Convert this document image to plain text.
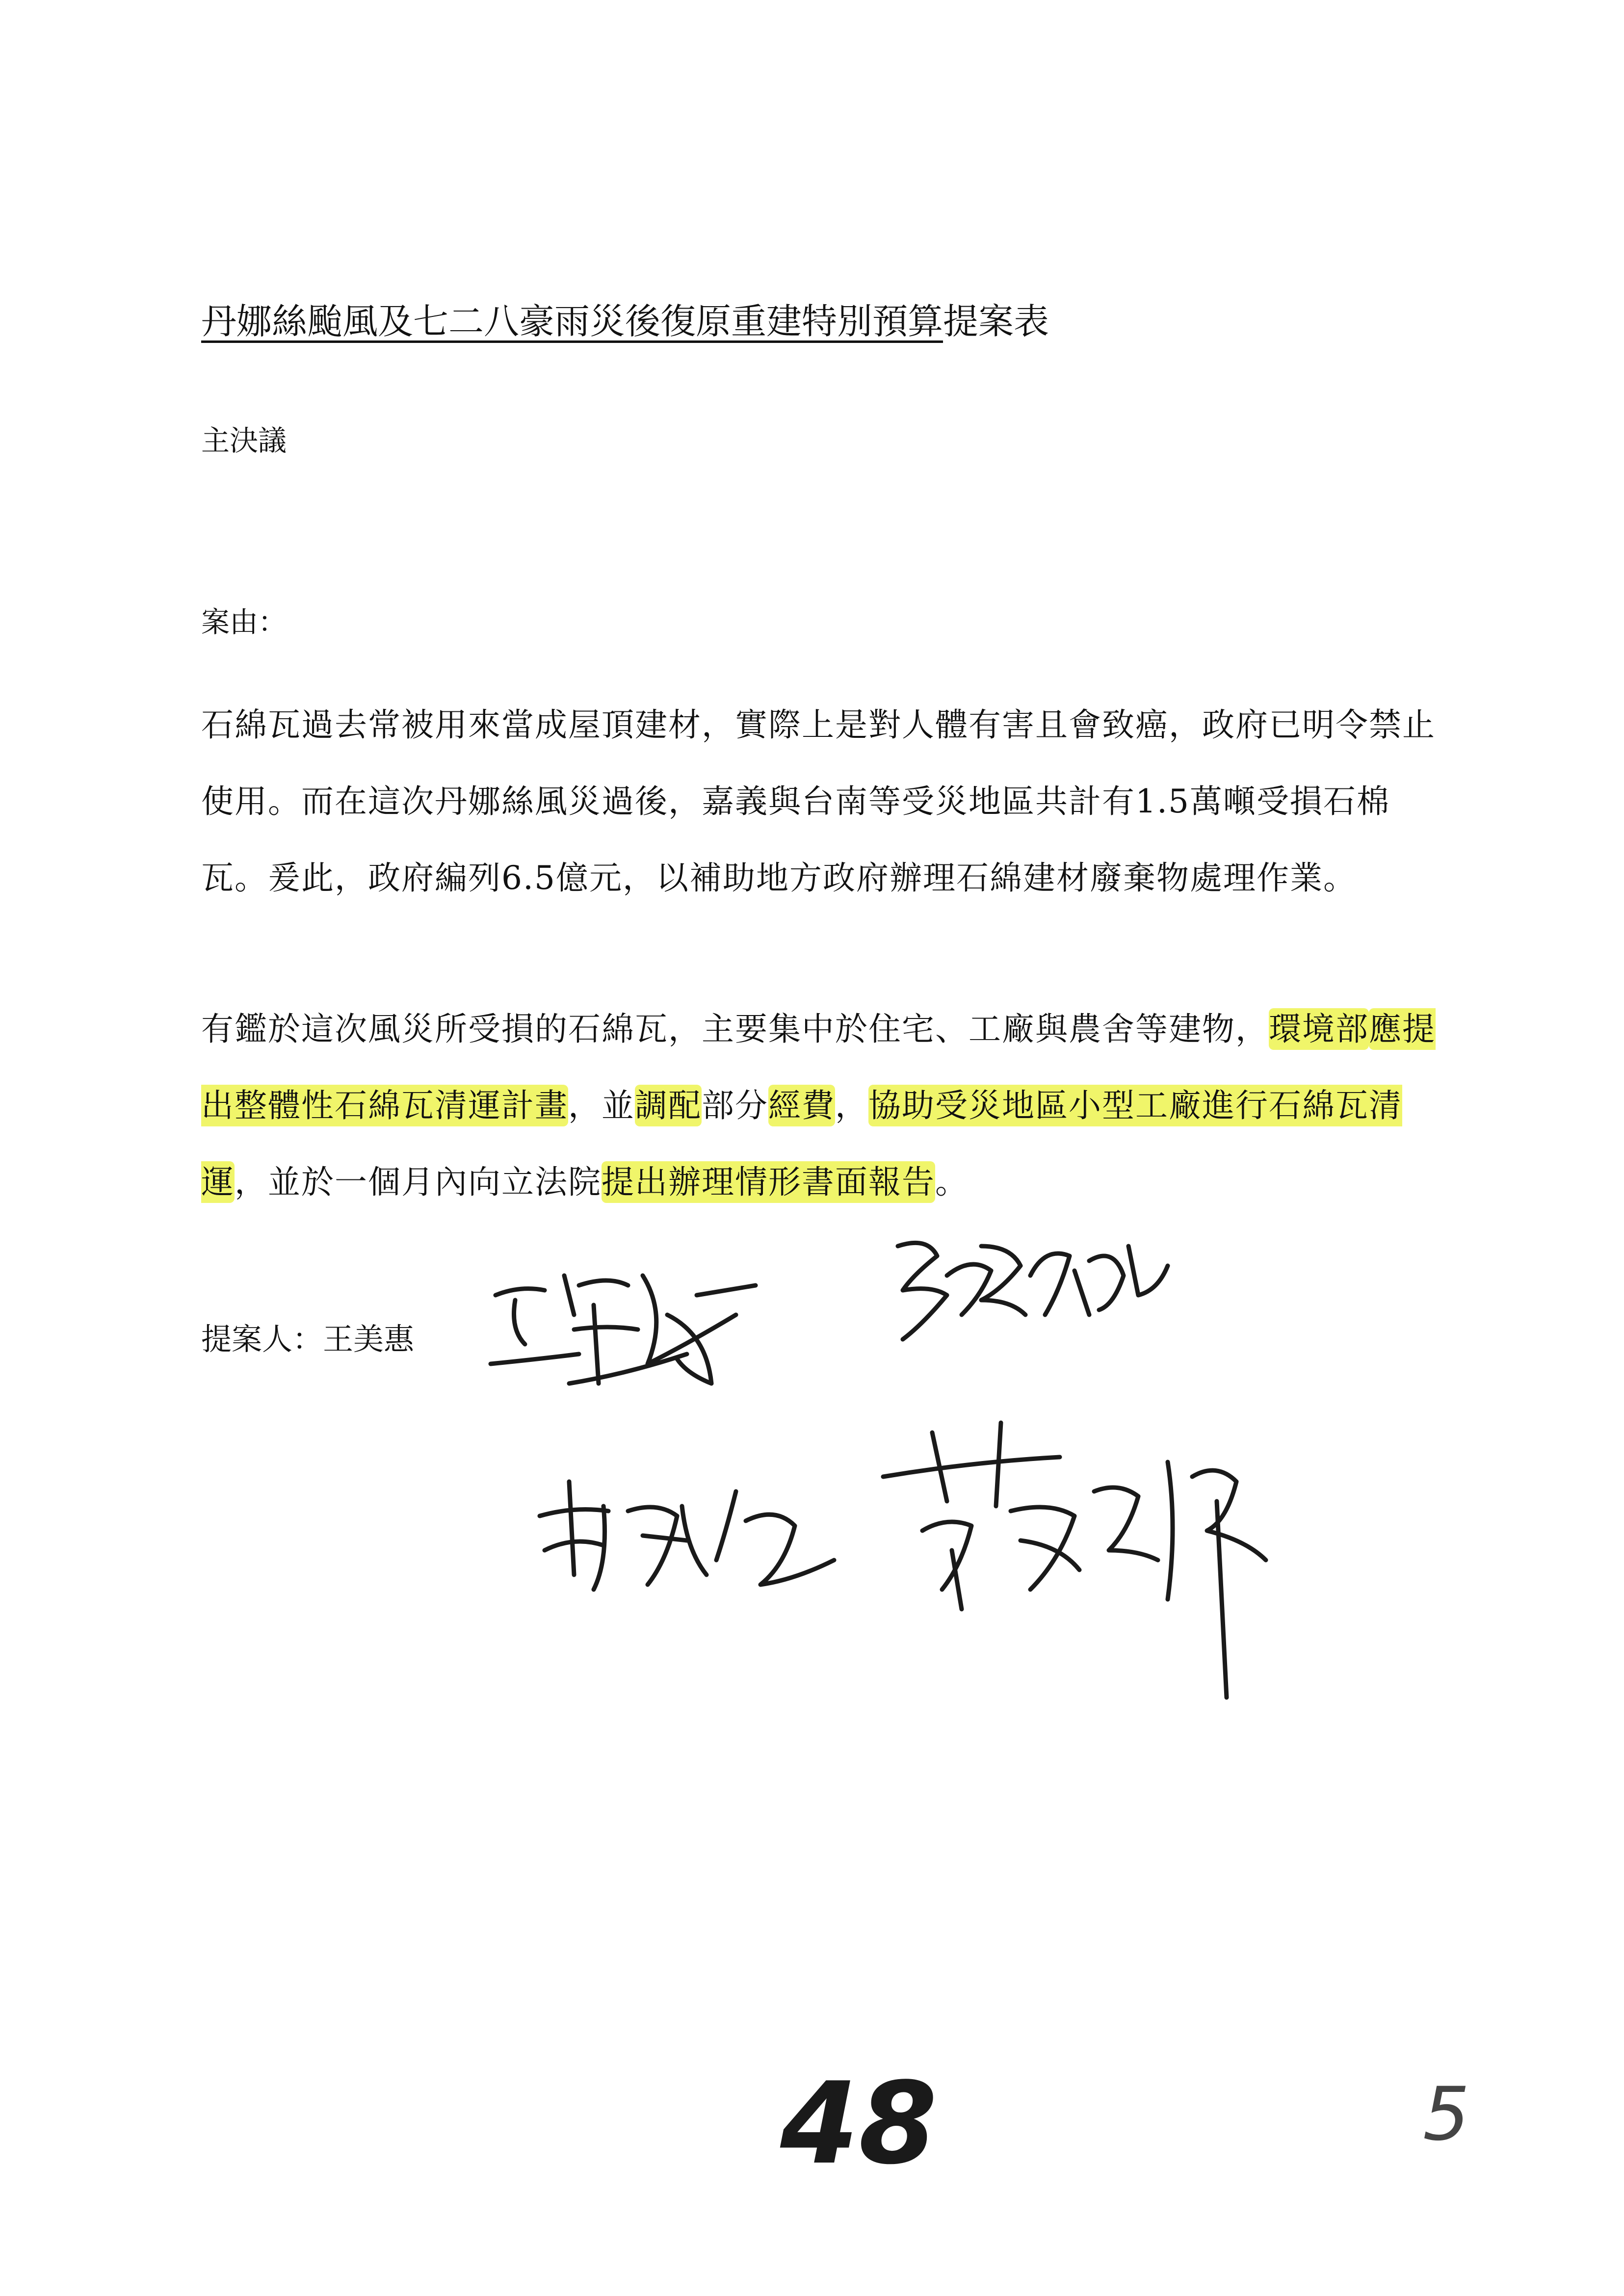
丹娜絲颱風及七二八豪雨災後復原重建特別預算提案表
主決議
案由：
石綿瓦過去常被用來當成屋頂建材，實際上是對人體有害且會致癌，政府已明令禁止使用。而在這次丹娜絲風災過後，嘉義與台南等受災地區共計有1.5萬噸受損石棉瓦。爰此，政府編列6.5億元，以補助地方政府辦理石綿建材廢棄物處理作業。
有鑑於這次風災所受損的石綿瓦，主要集中於住宅、工廠與農舍等建物，環境部應提出整體性石綿瓦清運計畫，並調配部分經費，協助受災地區小型工廠進行石綿瓦清運，並於一個月內向立法院提出辦理情形書面報告。
提案人：王美惠
48	5
